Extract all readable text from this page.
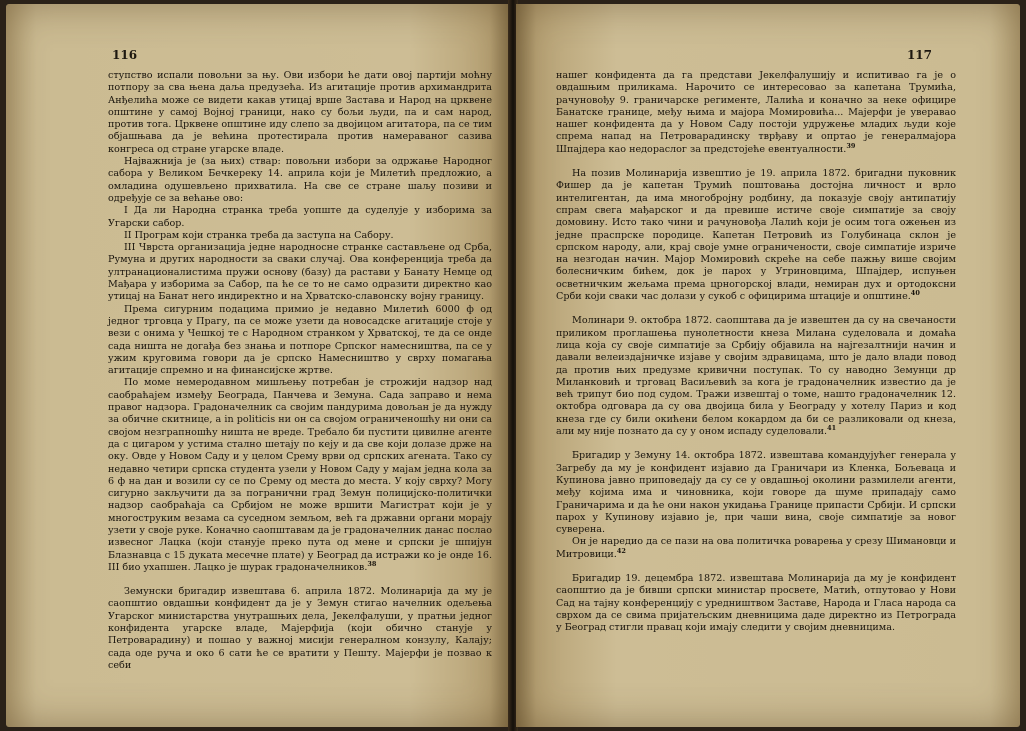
116

ступство испали повољни за њу. Ови избори ће дати овој партији моћну потпору за сва њена даља предузећа. Из агитације против архимандрита Анђелића може се видети какав утицај врше Застава и Народ на црквене општине у самој Војној граници, нако су бољи људи, па и сам народ, против тога. Црквене општине иду слепо за двојицом агитатора, па се тим објашњава да је већина протестирала против намераваног сазива конгреса од стране угарске владе.

Најважнија је (за њих) ствар: повољни избори за одржање Народног сабора у Великом Бечкереку 14. априла који је Милетић предложио, а омладина одушевљено прихватила. На све се стране шаљу позиви и одређује се за већање ово:

I Да ли Народна странка треба уопште да суделује у изборима за Угарски сабор.

II Програм који странка треба да заступа на Сабору.

III Чврста организација једне народносне странке састављене од Срба, Румуна и других народности за сваки случај. Ова конференција треба да ултранационалистима пружи основу (базу) да растави у Банату Немце од Мађара у изборима за Сабор, па ће се то не само одразити директно као утицај на Банат него индиректно и на Хрватско-славонску војну границу.

Према сигурним подацима примио је недавно Милетић 6000 ф од једног трговца у Прагу, па се може узети да новосадске агитације стоје у вези с онима у Чешкој те с Народном странком у Хрватској, те да се онде сада ништа не догађа без знања и потпоре Српског намесништва, па се у ужим круговима говори да је српско Намесништво у сврху помагања агитације спремно и на финансијске жртве.

По моме немеродавном мишљењу потребан је строжији надзор над саобраћајем између Београда, Панчева и Земуна. Сада заправо и нема правог надзора. Градоначелник са својим пандурима довољан је да нужду за обичне скитнице, а in politicis ни он са својом ограниченошћу ни они са својом незграпношћу ништа не вреде. Требало би пустити цивилне агенте да с цигаром у устима стално шетају по кеју и да све који долазе држе на оку. Овде у Новом Саду и у целом Срему врви од српских агената. Тако су недавно четири српска студента узели у Новом Саду у мајам једна кола за 6 ф на дан и возили су се по Срему од места до места. У коју сврху? Могу сигурно закључити да за погранични град Земун полицијско-политички надзор саобраћаја са Србијом не може вршити Магистрат који је у многоструким везама са суседном земљом, већ га државни органи морају узети у своје руке. Коначно саопштавам да је градоначелник данас послао извесног Лацка (који станује преко пута од мене и српски је шпијун Блазнавца с 15 дуката месечне плате) у Београд да истражи ко је онде 16. III био ухапшен. Лацко је шурак градоначелников.$^{38}$

Земунски бригадир извештава 6. априла 1872. Молинарија да му је саопштио овдашњи конфидент да је у Земун стигао начелник одељења Угарског министарства унутрашњих дела, Јекелфалуши, у пратњи једног конфидента угарске владе, Мајерфија (који обично станује у Петроварадину) и пошао у важној мисији генералном конзулу, Калају; сада оде руча и око 6 сати ће се вратити у Пешту. Мајерфи је позвао к себи

117

нашег конфидента да га представи Јекелфалушију и испитивао га је о овдашњим приликама. Нарочито се интересовао за капетана Трумића, рачуновођу 9. граничарске регименте, Лалића и коначно за неке официре Банатске границе, међу њима и мајора Момировића... Мајерфи је уверавао нашег конфидента да у Новом Саду постоји удружење младих људи које спрема напад на Петроварадинску тврђаву и опртао је генералмајора Шпајдера као недораслог за предстојеће евентуалности.$^{39}$

На позив Молинарија извештио је 19. априла 1872. бригадни пуковник Фишер да је капетан Трумић поштовања достојна личност и врло интелигентан, да има многобројну родбину, да показује своју антипатију спрам свега мађарског и да превише истиче своје симпатије за своју домовину. Исто тако чини и рачуновођа Лалић који је осим тога ожењен из једне праспрске породице. Капетан Петровић из Голубинаца склон је српском народу, али, крај своје умне ограничености, своје симпатије изриче на незгодан начин. Мајор Момировић скреће на себе пажњу више својим болесничким бићем, док је парох у Угриновцима, Шпајдер, испуњен осветничким жељама према црногорској влади, немиран дух и ортодоксни Срби који сваки час долази у сукоб с официрима штације и општине.$^{40}$

Молинари 9. октобра 1872. саопштава да је извештен да су на свечаности приликом проглашења пунолетности кнеза Милана суделовала и домаћа лица која су своје симпатије за Србију објавила на најгезалтнији начин и давали велеиздајничке изјаве у својим здравицама, што је дало влади повод да против њих предузме кривични поступак. То су наводно Земунци др Миланковић и трговац Васиљевић за кога је градоначелник известио да је већ трипут био под судом. Тражи извештај о томе, нашто градоначелник 12. октобра одговара да су ова двојица била у Београду у хотелу Париз и код кнеза где су били окићени белом кокардом да би се разликовали од кнеза, али му није познато да су у оном испаду суделовали.$^{41}$

Бригадир у Земуну 14. октобра 1872. извештава командујућег генерала у Загребу да му је конфидент изјавио да Граничари из Кленка, Бољеваца и Купинова јавно приповедају да су се у овдашњој околини размилели агенти, међу којима има и чиновника, који говоре да шуме припадају само Граничарима и да ће они након укидања Границе припасти Србији. И српски парох у Купинову изјавио је, при чаши вина, своје симпатије за новог суверена.

Он је наредио да се пази на ова политичка роварења у срезу Шимановци и Митровици.$^{42}$

Бригадир 19. децембра 1872. извештава Молинарија да му је конфидент саопштио да је бивши српски министар просвете, Матић, отпутовао у Нови Сад на тајну конференцију с уредништвом Заставе, Народа и Гласа народа са сврхом да се свима пријатељским дневницима даде директно из Петрограда у Београд стигли правац који имају следити у својим дневницима.
